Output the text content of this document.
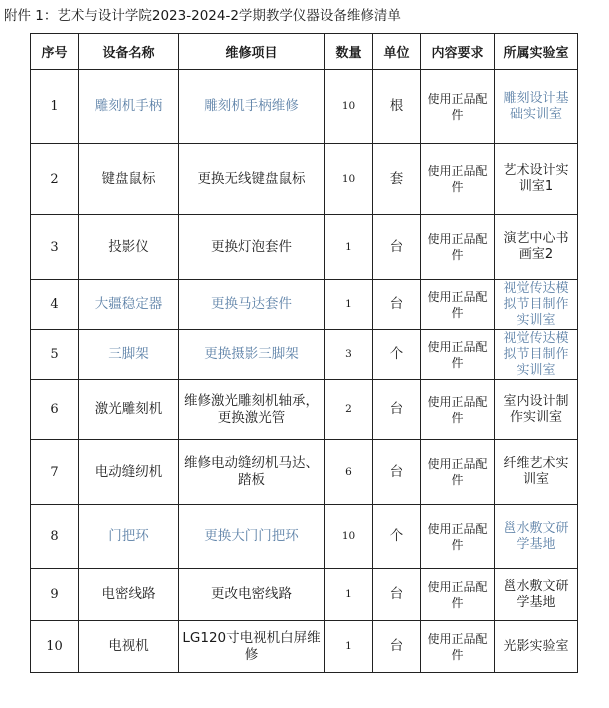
附件 1：艺术与设计学院2023-2024-2学期教学仪器设备维修清单
序号	设备名称	维修项目	数量	单位	内容要求	所属实验室
1	雕刻机手柄	雕刻机手柄维修	10	根	使用正品配件	雕刻设计基础实训室
2	键盘鼠标	更换无线键盘鼠标	10	套	使用正品配件	艺术设计实训室1
3	投影仪	更换灯泡套件	1	台	使用正品配件	演艺中心书画室2
4	大疆稳定器	更换马达套件	1	台	使用正品配件	视觉传达模拟节目制作实训室
5	三脚架	更换摄影三脚架	3	个	使用正品配件	视觉传达模拟节目制作实训室
6	激光雕刻机	维修激光雕刻机轴承，更换激光管	2	台	使用正品配件	室内设计制作实训室
7	电动缝纫机	维修电动缝纫机马达、踏板	6	台	使用正品配件	纤维艺术实训室
8	门把环	更换大门门把环	10	个	使用正品配件	邕水敷文研学基地
9	电密线路	更改电密线路	1	台	使用正品配件	邕水敷文研学基地
10	电视机	LG120寸电视机白屏维修	1	台	使用正品配件	光影实验室
